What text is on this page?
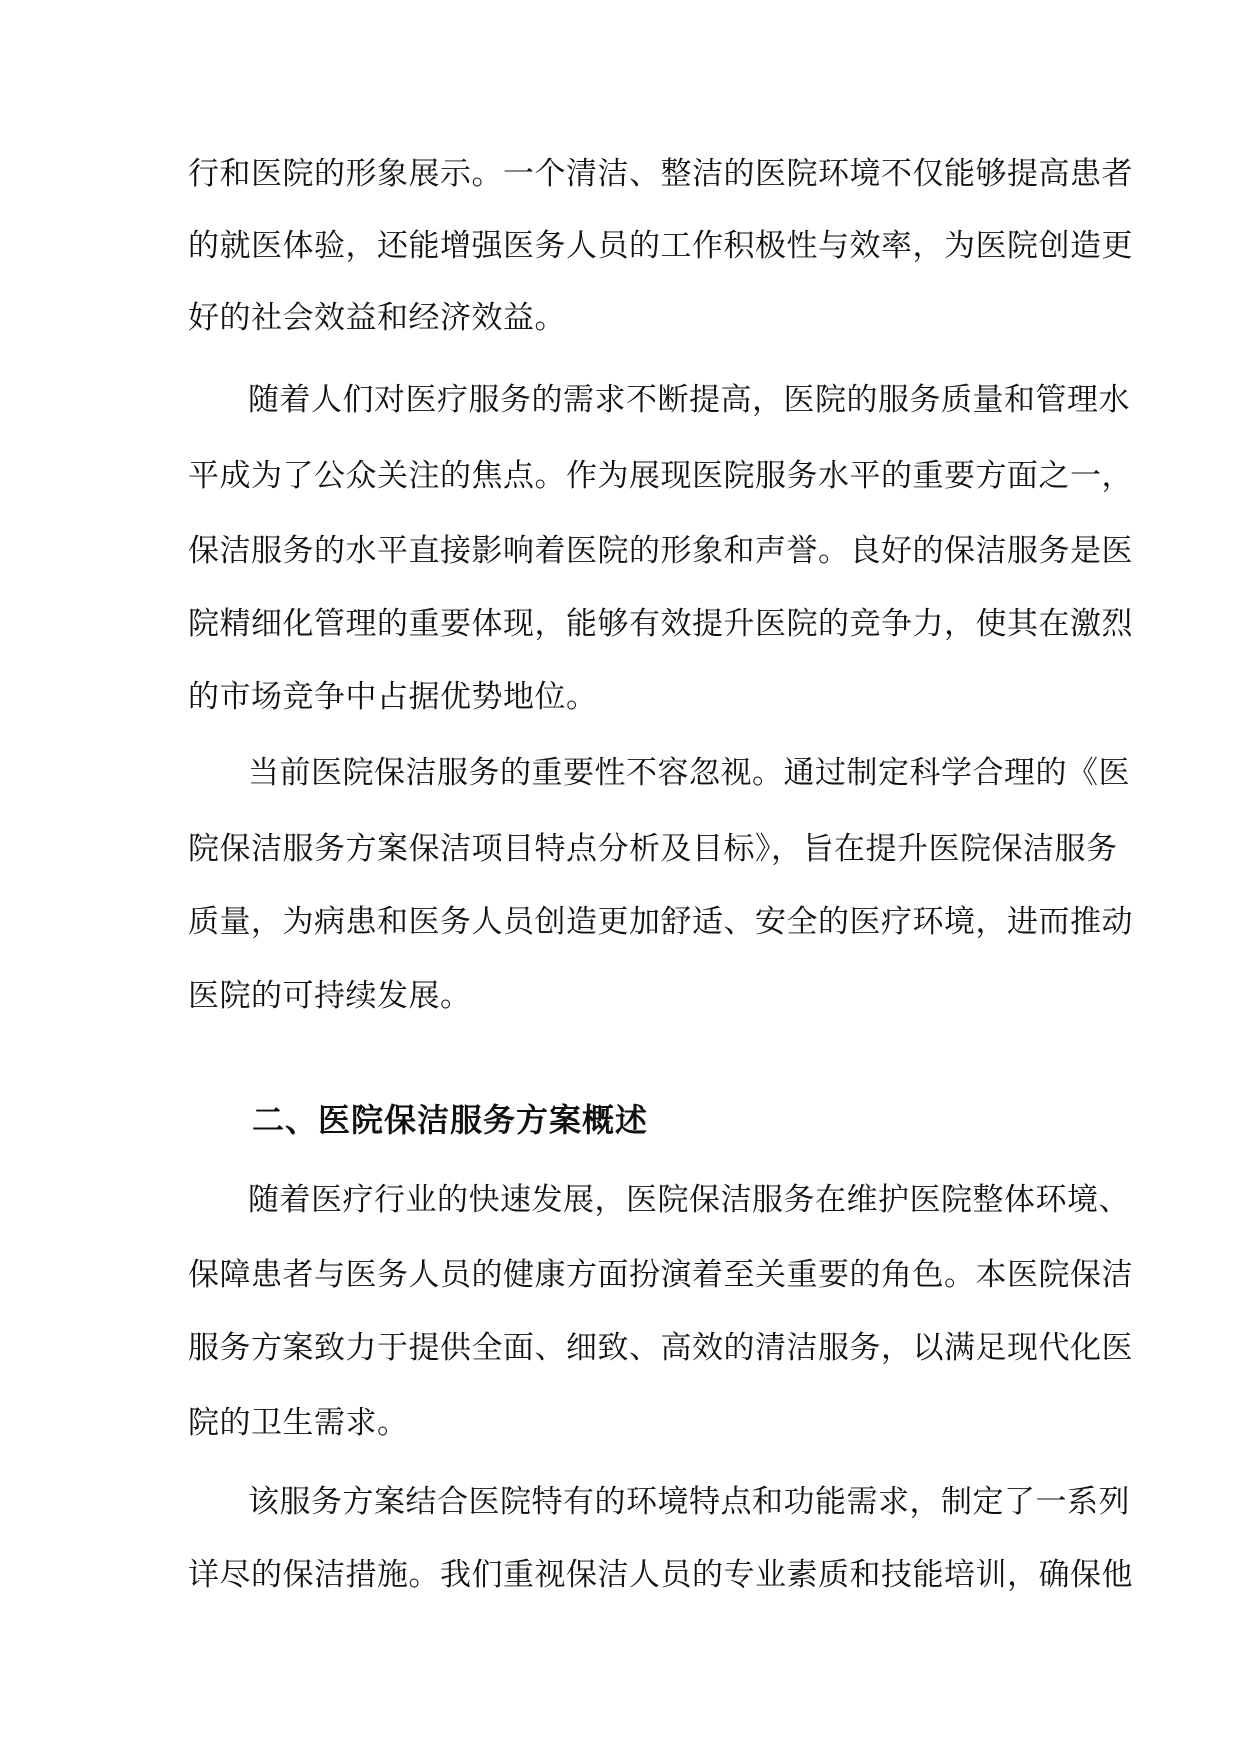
行和医院的形象展示。一个清洁、整洁的医院环境不仅能够提高患者
的就医体验，还能增强医务人员的工作积极性与效率，为医院创造更
好的社会效益和经济效益。
随着人们对医疗服务的需求不断提高，医院的服务质量和管理水
平成为了公众关注的焦点。作为展现医院服务水平的重要方面之一，
保洁服务的水平直接影响着医院的形象和声誉。良好的保洁服务是医
院精细化管理的重要体现，能够有效提升医院的竞争力，使其在激烈
的市场竞争中占据优势地位。
当前医院保洁服务的重要性不容忽视。通过制定科学合理的《医
院保洁服务方案保洁项目特点分析及目标》，旨在提升医院保洁服务
质量，为病患和医务人员创造更加舒适、安全的医疗环境，进而推动
医院的可持续发展。
二、医院保洁服务方案概述
随着医疗行业的快速发展，医院保洁服务在维护医院整体环境、
保障患者与医务人员的健康方面扮演着至关重要的角色。本医院保洁
服务方案致力于提供全面、细致、高效的清洁服务，以满足现代化医
院的卫生需求。
该服务方案结合医院特有的环境特点和功能需求，制定了一系列
详尽的保洁措施。我们重视保洁人员的专业素质和技能培训，确保他
